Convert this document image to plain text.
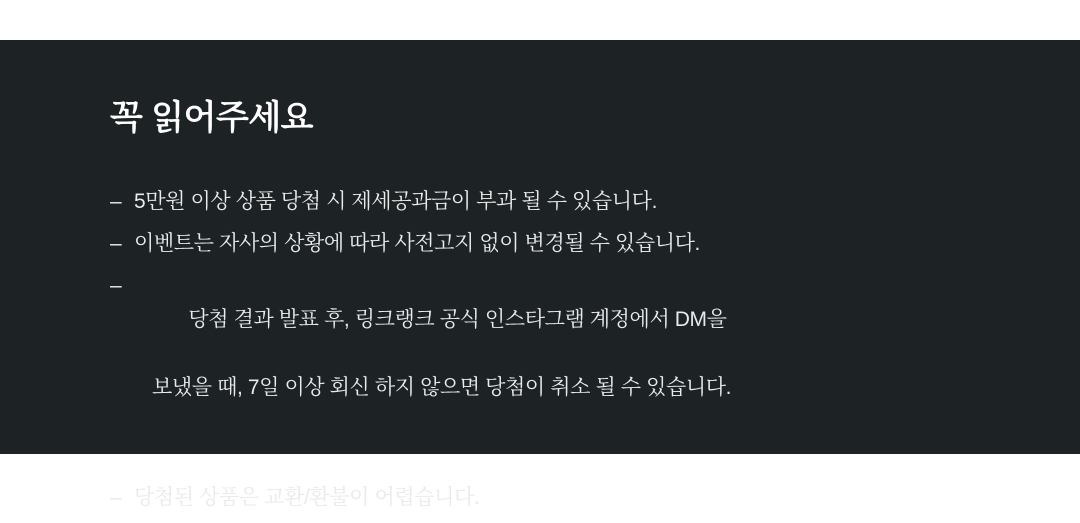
꼭 읽어주세요
– 5만원 이상 상품 당첨 시 제세공과금이 부과 될 수 있습니다.
– 이벤트는 자사의 상황에 따라 사전고지 없이 변경될 수 있습니다.
–

당첨 결과 발표 후, 링크랭크 공식 인스타그램 계정에서 DM을

보냈을 때, 7일 이상 회신 하지 않으면 당첨이 취소 될 수 있습니다.

– 당첨된 상품은 교환/환불이 어렵습니다.
